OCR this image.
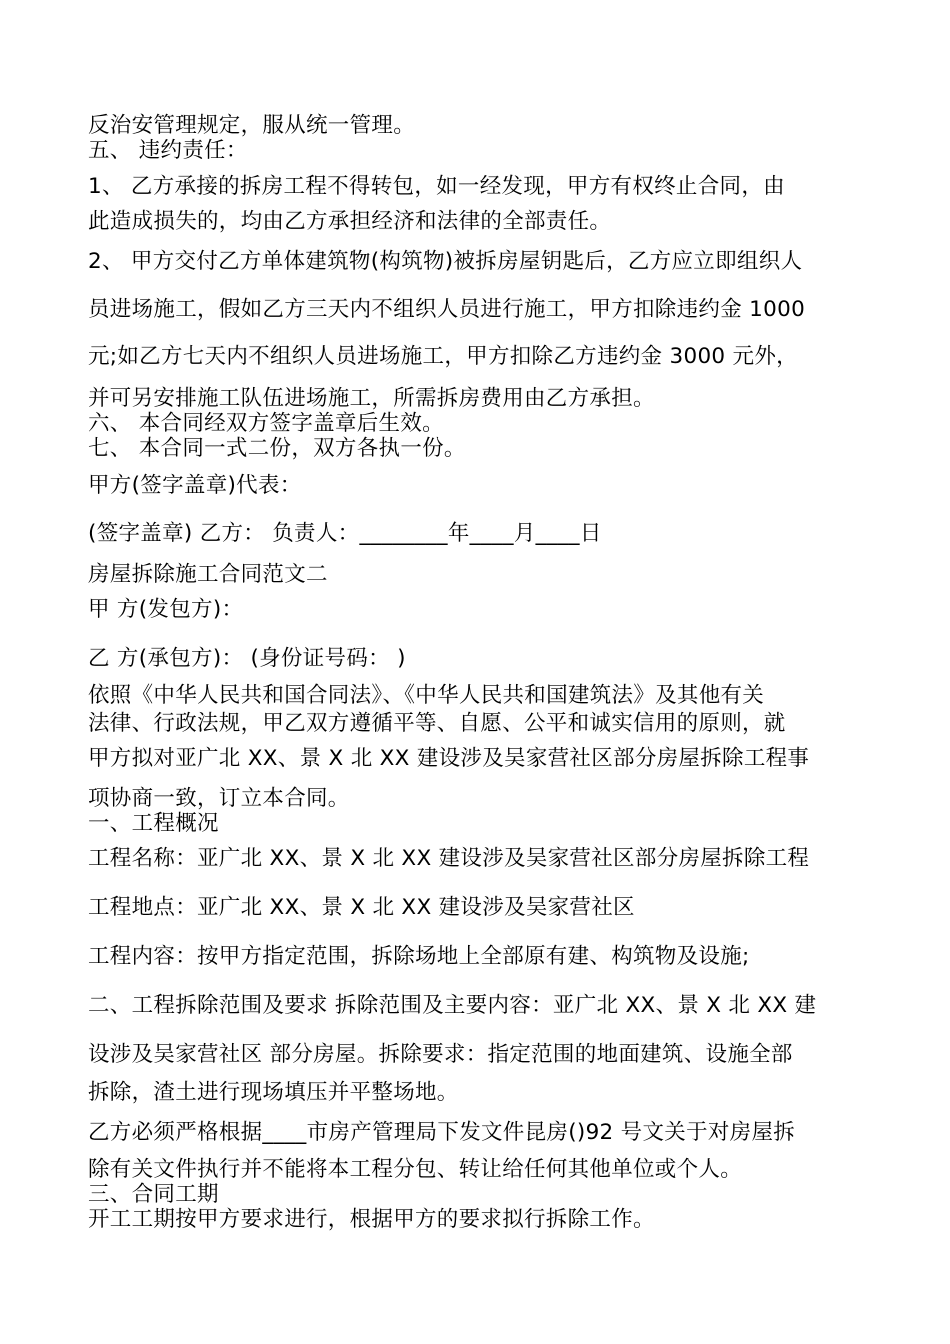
反治安管理规定，服从统一管理。

五、 违约责任：

1、 乙方承接的拆房工程不得转包，如一经发现，甲方有权终止合同，由

此造成损失的，均由乙方承担经济和法律的全部责任。

2、 甲方交付乙方单体建筑物(构筑物)被拆房屋钥匙后，乙方应立即组织人

员进场施工，假如乙方三天内不组织人员进行施工，甲方扣除违约金 1000

元;如乙方七天内不组织人员进场施工，甲方扣除乙方违约金 3000 元外，

并可另安排施工队伍进场施工，所需拆房费用由乙方承担。

六、 本合同经双方签字盖章后生效。

七、 本合同一式二份，双方各执一份。

甲方(签字盖章)代表：

(签字盖章) 乙方： 负责人：________年____月____日

房屋拆除施工合同范文二

甲 方(发包方)：

乙 方(承包方)： (身份证号码： )

依照《中华人民共和国合同法》、《中华人民共和国建筑法》及其他有关

法律、行政法规，甲乙双方遵循平等、自愿、公平和诚实信用的原则，就

甲方拟对亚广北 XX、景 X 北 XX 建设涉及吴家营社区部分房屋拆除工程事

项协商一致，订立本合同。

一、工程概况

工程名称：亚广北 XX、景 X 北 XX 建设涉及吴家营社区部分房屋拆除工程

工程地点：亚广北 XX、景 X 北 XX 建设涉及吴家营社区

工程内容：按甲方指定范围，拆除场地上全部原有建、构筑物及设施;

二、工程拆除范围及要求 拆除范围及主要内容：亚广北 XX、景 X 北 XX 建

设涉及吴家营社区 部分房屋。拆除要求：指定范围的地面建筑、设施全部

拆除，渣土进行现场填压并平整场地。

乙方必须严格根据____市房产管理局下发文件昆房()92 号文关于对房屋拆

除有关文件执行并不能将本工程分包、转让给任何其他单位或个人。

三、合同工期

开工工期按甲方要求进行，根据甲方的要求拟行拆除工作。
